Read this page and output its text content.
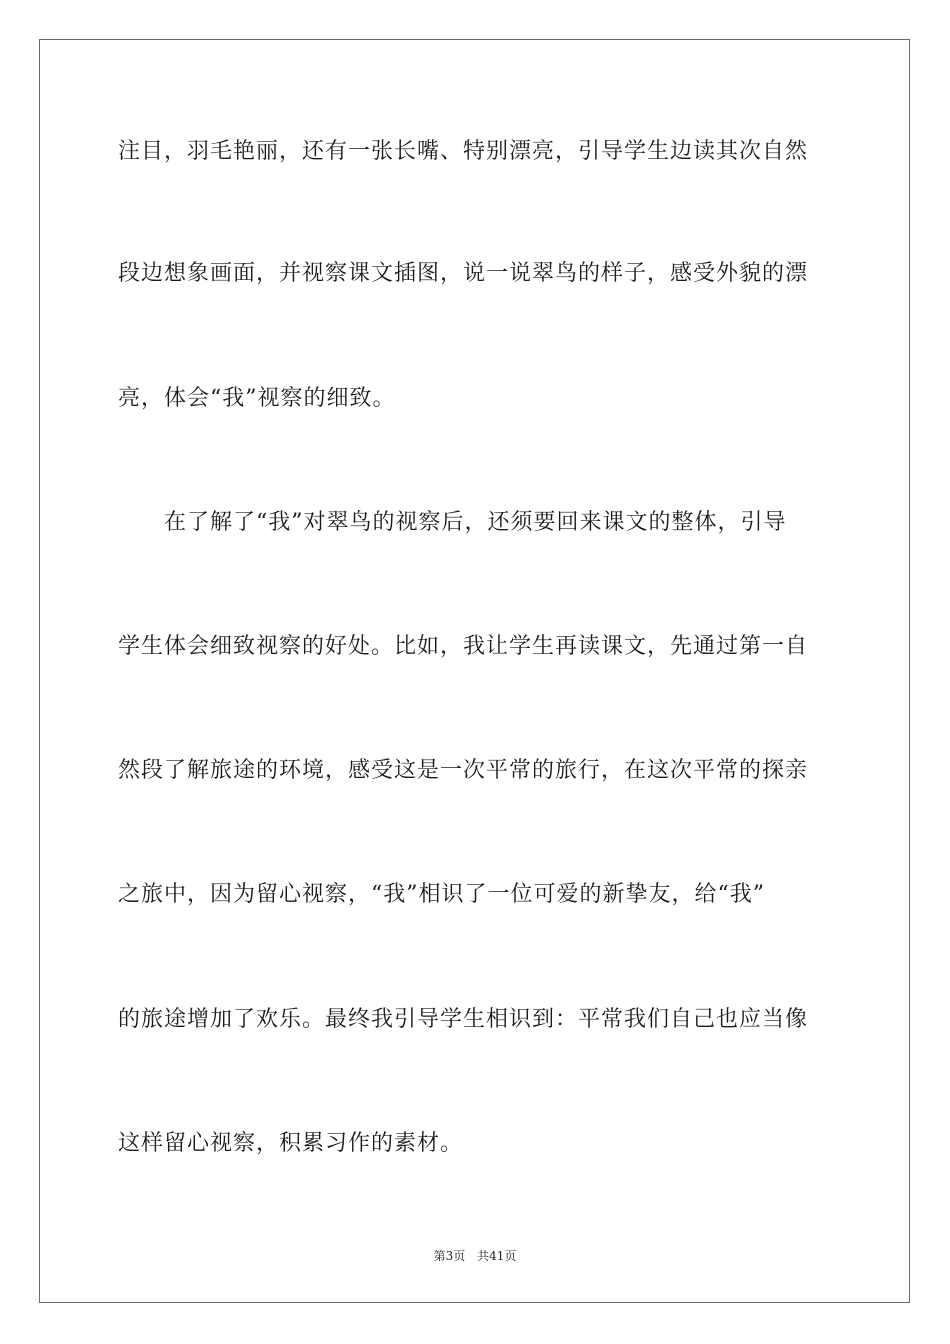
注目，羽毛艳丽，还有一张长嘴、特别漂亮，引导学生边读其次自然
段边想象画面，并视察课文插图，说一说翠鸟的样子，感受外貌的漂
亮，体会“我”视察的细致。
在了解了“我”对翠鸟的视察后，还须要回来课文的整体，引导
学生体会细致视察的好处。比如，我让学生再读课文，先通过第一自
然段了解旅途的环境，感受这是一次平常的旅行，在这次平常的探亲
之旅中，因为留心视察，“我”相识了一位可爱的新挚友，给“我”
的旅途增加了欢乐。最终我引导学生相识到：平常我们自己也应当像
这样留心视察，积累习作的素材。
第3页 共41页
